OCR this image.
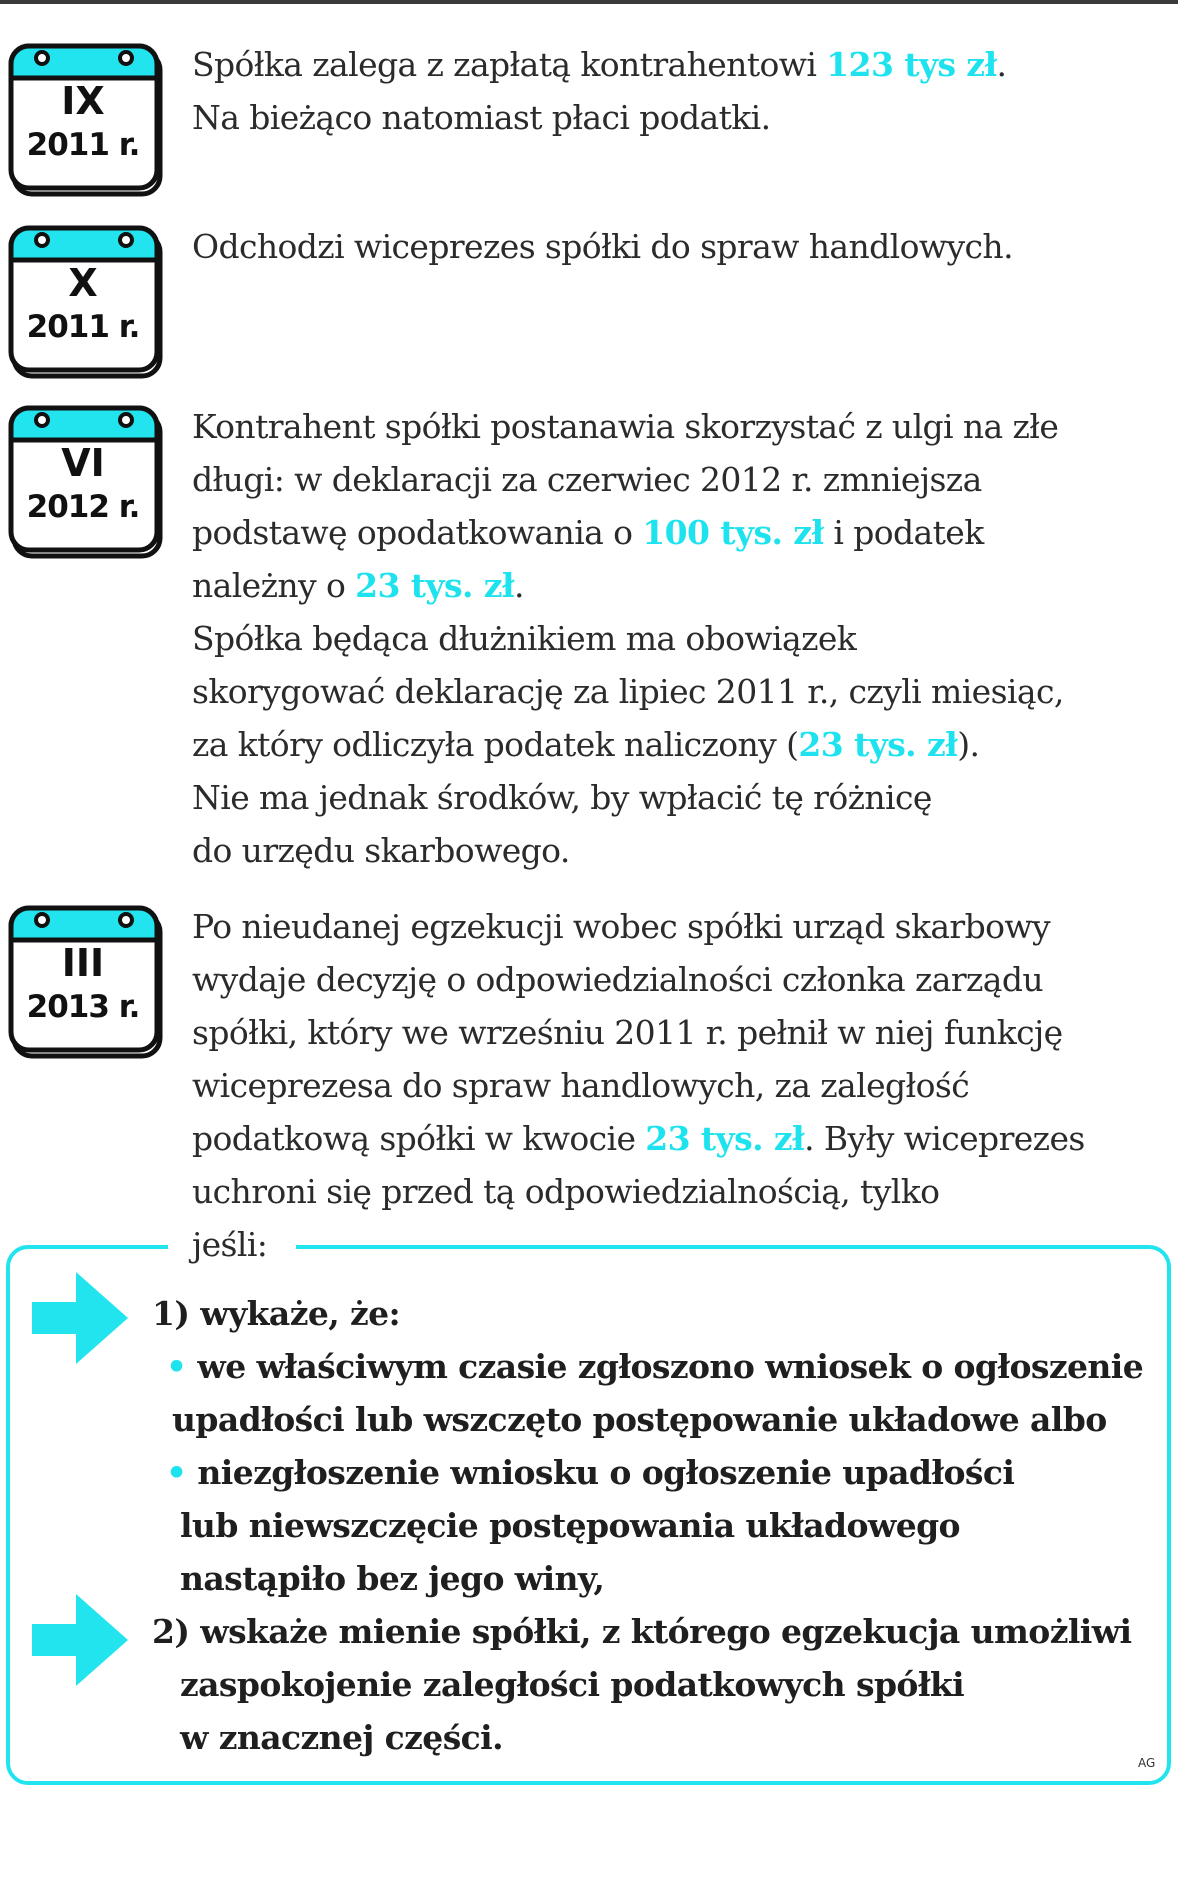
IX
2011 r.
Spółka zalega z zapłatą kontrahentowi 123 tys zł.
Na bieżąco natomiast płaci podatki.
X
2011 r.
Odchodzi wiceprezes spółki do spraw handlowych.
VI
2012 r.
Kontrahent spółki postanawia skorzystać z ulgi na złe
długi: w deklaracji za czerwiec 2012 r. zmniejsza
podstawę opodatkowania o 100 tys. zł i podatek
należny o 23 tys. zł.
Spółka będąca dłużnikiem ma obowiązek
skorygować deklarację za lipiec 2011 r., czyli miesiąc,
za który odliczyła podatek naliczony (23 tys. zł).
Nie ma jednak środków, by wpłacić tę różnicę
do urzędu skarbowego.
III
2013 r.
Po nieudanej egzekucji wobec spółki urząd skarbowy
wydaje decyzję o odpowiedzialności członka zarządu
spółki, który we wrześniu 2011 r. pełnił w niej funkcję
wiceprezesa do spraw handlowych, za zaległość
podatkową spółki w kwocie 23 tys. zł. Były wiceprezes
uchroni się przed tą odpowiedzialnością, tylko
jeśli:
1) wykaże, że:
• we właściwym czasie zgłoszono wniosek o ogłoszenie
upadłości lub wszczęto postępowanie układowe albo
• niezgłoszenie wniosku o ogłoszenie upadłości
lub niewszczęcie postępowania układowego
nastąpiło bez jego winy,
2) wskaże mienie spółki, z którego egzekucja umożliwi
zaspokojenie zaległości podatkowych spółki
w znacznej części.
AG
